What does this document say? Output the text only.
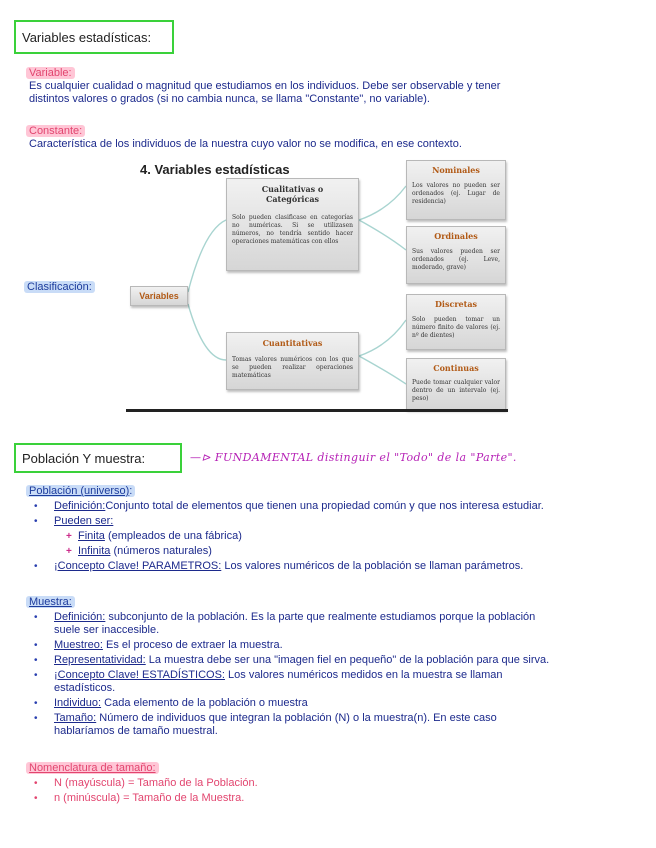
Variables estadísticas:
Variable:
Es cualquier cualidad o magnitud que estudiamos en los individuos. Debe ser observable y tener
distintos valores o grados (si no cambia nunca, se llama "Constante", no variable).
Constante:
Característica de los individuos de la nuestra cuyo valor no se modifica, en ese contexto.
Clasificación:
4. Variables estadísticas
Variables
Cualitativas o
Categóricas
Solo pueden clasificase en categorías no numéricas. Si se utilizasen números, no tendría sentido hacer operaciones matemáticas con ellos
Cuantitativas
Tomas valores numéricos con los que se pueden realizar operaciones matemáticas
Nominales
Los valores no pueden ser ordenados (ej. Lugar de residencia)
Ordinales
Sus valores pueden ser ordenados (ej. Leve, moderado, grave)
Discretas
Solo pueden tomar un número finito de valores (ej. nº de dientes)
Continuas
Puede tomar cualquier valor dentro de un intervalo (ej. peso)
Población Y muestra:	—⊳ FUNDAMENTAL distinguir el "Todo" de la "Parte".
Población (universo):
• Definición:Conjunto total de elementos que tienen una propiedad común y que nos interesa estudiar.
• Pueden ser:
+ Finita (empleados de una fábrica)
+ Infinita (números naturales)
• ¡Concepto Clave! PARAMETROS: Los valores numéricos de la población se llaman parámetros.
Muestra:
• Definición: subconjunto de la población. Es la parte que realmente estudiamos porque la población
suele ser inaccesible.
• Muestreo: Es el proceso de extraer la muestra.
• Representatividad: La muestra debe ser una "imagen fiel en pequeño" de la población para que sirva.
• ¡Concepto Clave! ESTADÍSTICOS: Los valores numéricos medidos en la muestra se llaman
estadísticos.
• Individuo: Cada elemento de la población o muestra
• Tamaño: Número de individuos que integran la población (N) o la muestra(n). En este caso
hablaríamos de tamaño muestral.
Nomenclatura de tamaño:
• N (mayúscula) = Tamaño de la Población.
• n (minúscula) = Tamaño de la Muestra.
